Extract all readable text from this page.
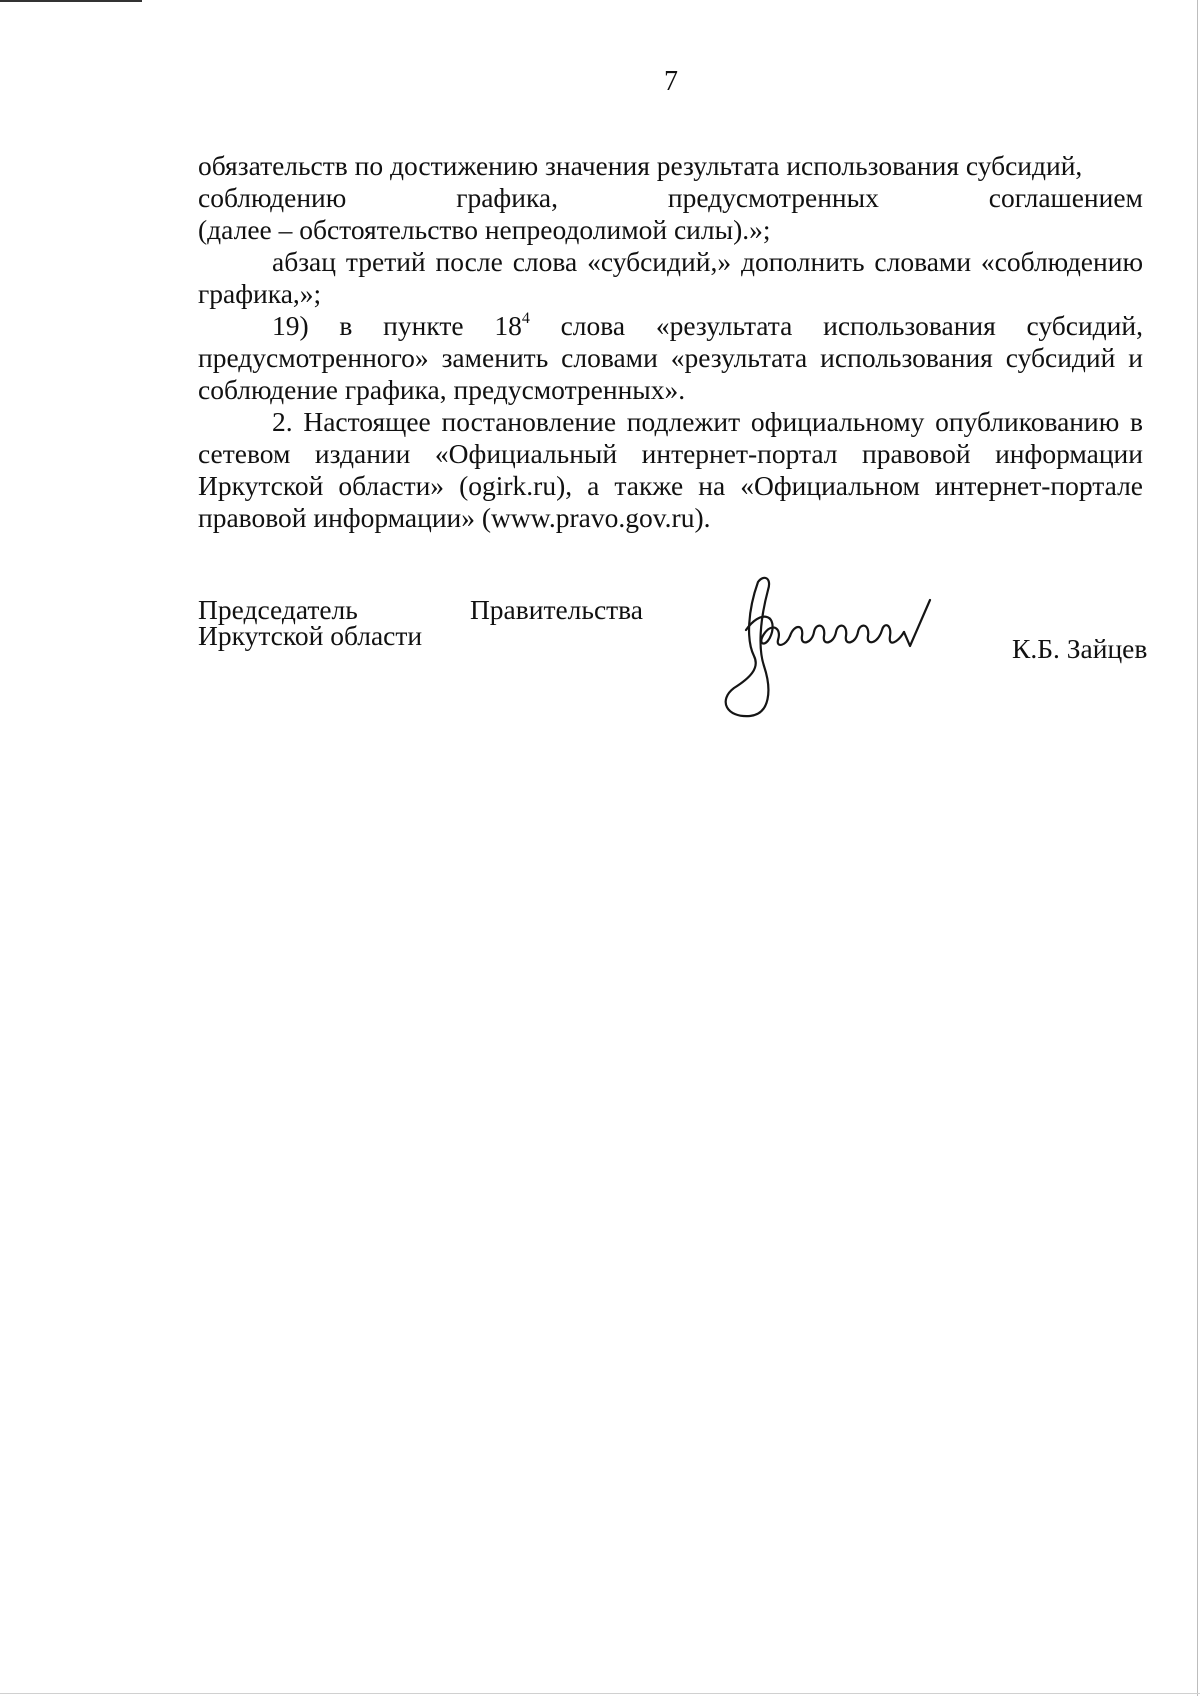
7

обязательств по достижению значения результата использования субсидий,
соблюдению	графика,	предусмотренных	соглашением
(далее – обстоятельство непреодолимой силы).»;

абзац третий после слова «субсидий,» дополнить словами «соблюдению графика,»;

19) в пункте $18^4$ слова «результата использования субсидий, предусмотренного» заменить словами «результата использования субсидий и соблюдение графика, предусмотренных».

2. Настоящее постановление подлежит официальному опубликованию в сетевом издании «Официальный интернет-портал правовой информации Иркутской области» (ogirk.ru), а также на «Официальном интернет-портале правовой информации» (www.pravo.gov.ru).

Председатель	Правительства
Иркутской области	К.Б. Зайцев
